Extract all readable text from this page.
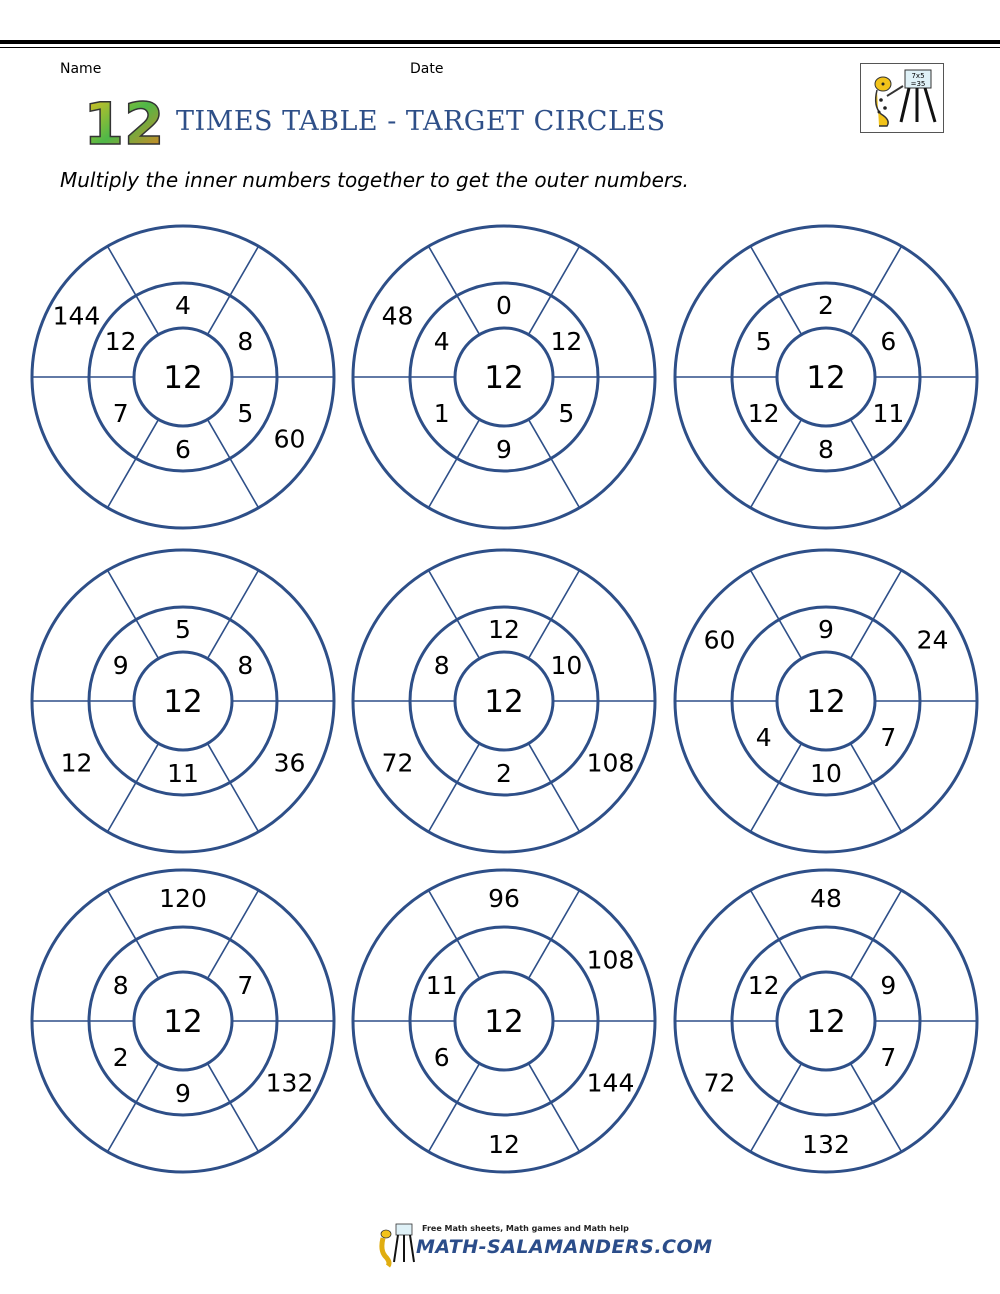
Name	Date
12 TIMES TABLE - TARGET CIRCLES
Multiply the inner numbers together to get the outer numbers.
7x5
=35
12
4
8
5
6
7
12
60
144
12
0
12
5
9
1
4
48
12
2
6
11
8
12
5
12
5
8
11
9
36
12
12
12
10
2
8
108
72
12
9
7
10
4
24
60
12
7
9
2
8
120
132
12
6
11
96
108
144
12
12
9
7
12
48
132
72
Free Math sheets, Math games and Math help
MATH-SALAMANDERS.COM
